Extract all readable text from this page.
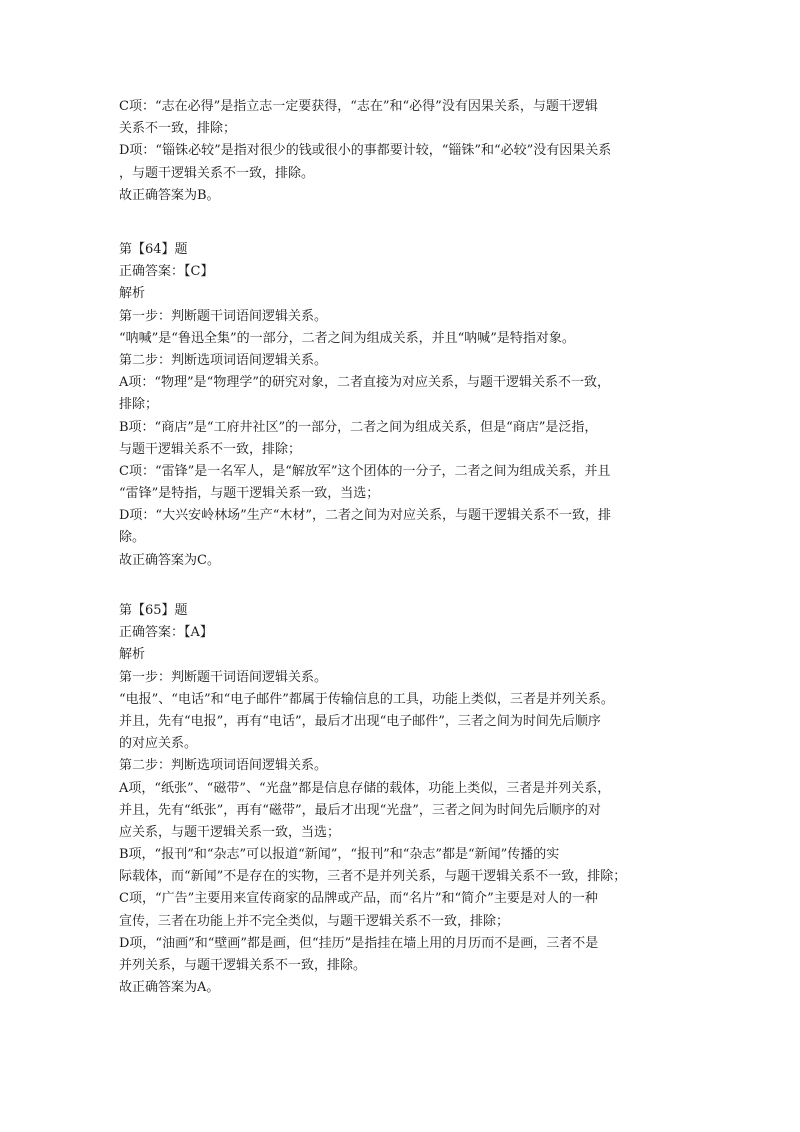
C项：“志在必得”是指立志一定要获得，“志在”和“必得”没有因果关系，与题干逻辑
关系不一致，排除；
D项：“锱铢必较”是指对很少的钱或很小的事都要计较，“锱铢”和“必较”没有因果关系
，与题干逻辑关系不一致，排除。
故正确答案为B。
第【64】题
正确答案：【C】
解析
第一步：判断题干词语间逻辑关系。
“呐喊”是“鲁迅全集”的一部分，二者之间为组成关系，并且“呐喊”是特指对象。
第二步：判断选项词语间逻辑关系。
A项：“物理”是“物理学”的研究对象，二者直接为对应关系，与题干逻辑关系不一致，
排除；
B项：“商店”是“工府井社区”的一部分，二者之间为组成关系，但是“商店”是泛指，
与题干逻辑关系不一致，排除；
C项：“雷锋”是一名军人，是“解放军”这个团体的一分子，二者之间为组成关系，并且
“雷锋”是特指，与题干逻辑关系一致，当选；
D项：“大兴安岭林场”生产“木材”，二者之间为对应关系，与题干逻辑关系不一致，排
除。
故正确答案为C。
第【65】题
正确答案：【A】
解析
第一步：判断题干词语间逻辑关系。
“电报”、“电话”和“电子邮件”都属于传输信息的工具，功能上类似，三者是并列关系。
并且，先有“电报”，再有“电话”，最后才出现“电子邮件”，三者之间为时间先后顺序
的对应关系。
第二步：判断选项词语间逻辑关系。
A项，“纸张”、“磁带”、“光盘”都是信息存储的载体，功能上类似，三者是并列关系，
并且，先有“纸张”，再有“磁带”，最后才出现“光盘”，三者之间为时间先后顺序的对
应关系，与题干逻辑关系一致，当选；
B项，“报刊”和“杂志”可以报道“新闻”，“报刊”和“杂志”都是“新闻”传播的实
际载体，而“新闻”不是存在的实物，三者不是并列关系，与题干逻辑关系不一致，排除；
C项，“广告”主要用来宣传商家的品牌或产品，而“名片”和“简介”主要是对人的一种
宣传，三者在功能上并不完全类似，与题干逻辑关系不一致，排除；
D项，“油画”和“壁画”都是画，但“挂历”是指挂在墙上用的月历而不是画，三者不是
并列关系，与题干逻辑关系不一致，排除。
故正确答案为A。
